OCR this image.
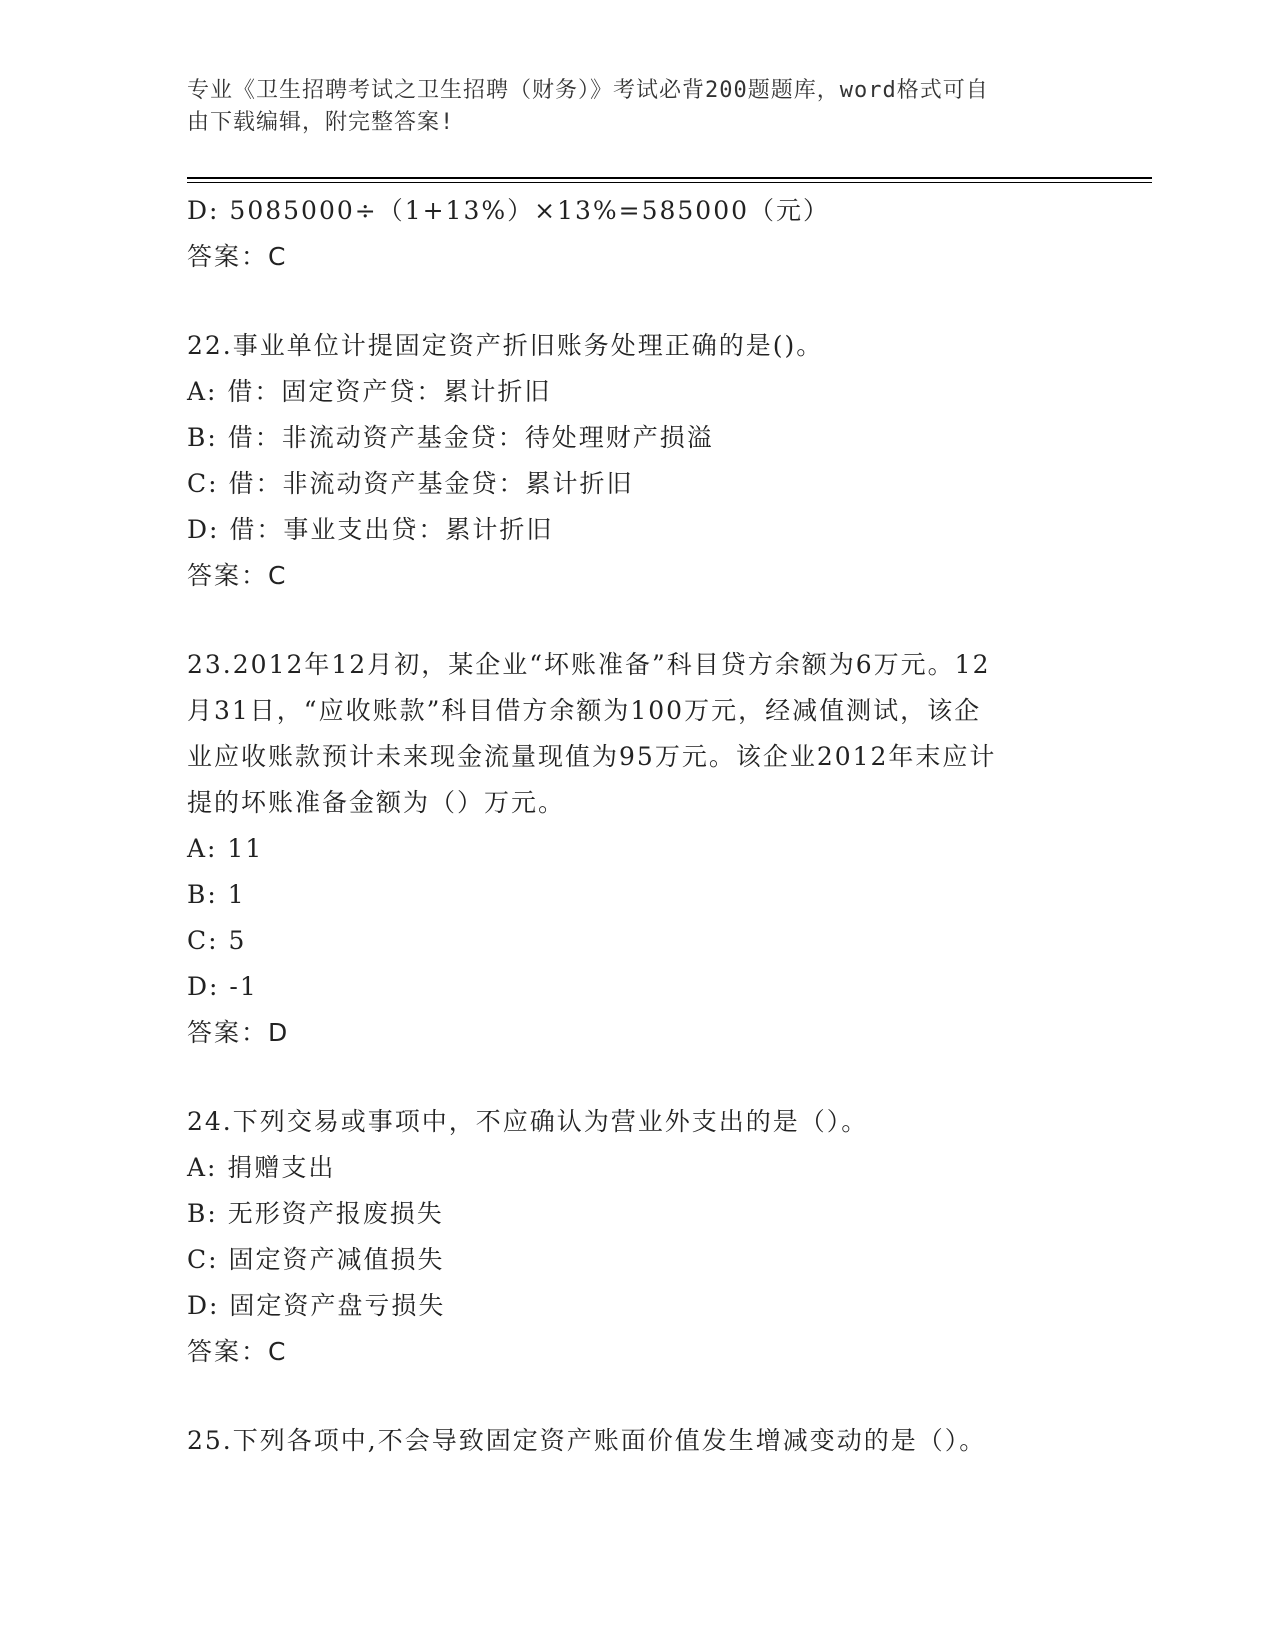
专业《卫生招聘考试之卫生招聘（财务）》考试必背200题题库，word格式可自
由下载编辑，附完整答案!
D: 5085000÷（1+13%）×13%=585000（元）
答案：C
22.事业单位计提固定资产折旧账务处理正确的是()。
A: 借：固定资产贷：累计折旧
B: 借：非流动资产基金贷：待处理财产损溢
C: 借：非流动资产基金贷：累计折旧
D: 借：事业支出贷：累计折旧
答案：C
23.2012年12月初，某企业“坏账准备”科目贷方余额为6万元。12
月31日，“应收账款”科目借方余额为100万元，经减值测试，该企
业应收账款预计未来现金流量现值为95万元。该企业2012年末应计
提的坏账准备金额为（）万元。
A: 11
B: 1
C: 5
D: -1
答案：D
24.下列交易或事项中，不应确认为营业外支出的是（）。
A: 捐赠支出
B: 无形资产报废损失
C: 固定资产减值损失
D: 固定资产盘亏损失
答案：C
25.下列各项中,不会导致固定资产账面价值发生增减变动的是（）。
